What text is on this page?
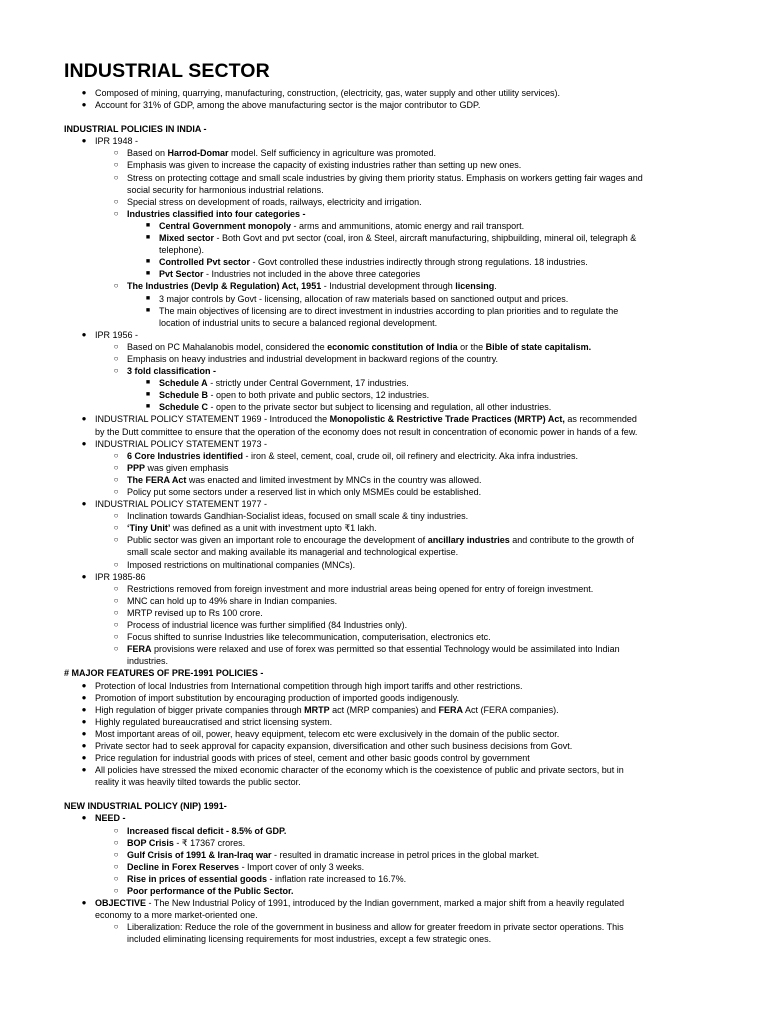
INDUSTRIAL SECTOR
● Composed of mining, quarrying, manufacturing, construction, (electricity, gas, water supply and other utility services).
● Account for 31% of GDP, among the above manufacturing sector is the major contributor to GDP.

INDUSTRIAL POLICIES IN INDIA -

● IPR 1948 -
○ Based on Harrod-Domar model. Self sufficiency in agriculture was promoted.
○ Emphasis was given to increase the capacity of existing industries rather than setting up new ones.
○ Stress on protecting cottage and small scale industries by giving them priority status. Emphasis on workers getting fair wages and social security for harmonious industrial relations.
○ Special stress on development of roads, railways, electricity and irrigation.
○ Industries classified into four categories -
■ Central Government monopoly - arms and ammunitions, atomic energy and rail transport.
■ Mixed sector - Both Govt and pvt sector (coal, iron & Steel, aircraft manufacturing, shipbuilding, mineral oil, telegraph & telephone).
■ Controlled Pvt sector - Govt controlled these industries indirectly through strong regulations. 18 industries.
■ Pvt Sector - Industries not included in the above three categories
○ The Industries (Devlp & Regulation) Act, 1951 - Industrial development through licensing.
■ 3 major controls by Govt - licensing, allocation of raw materials based on sanctioned output and prices.
■ The main objectives of licensing are to direct investment in industries according to plan priorities and to regulate the location of industrial units to secure a balanced regional development.
● IPR 1956 -
○ Based on PC Mahalanobis model, considered the economic constitution of India or the Bible of state capitalism.
○ Emphasis on heavy industries and industrial development in backward regions of the country.
○ 3 fold classification -
■ Schedule A - strictly under Central Government, 17 industries.
■ Schedule B - open to both private and public sectors, 12 industries.
■ Schedule C - open to the private sector but subject to licensing and regulation, all other industries.
● INDUSTRIAL POLICY STATEMENT 1969 - Introduced the Monopolistic & Restrictive Trade Practices (MRTP) Act, as recommended by the Dutt committee to ensure that the operation of the economy does not result in concentration of economic power in hands of a few.
● INDUSTRIAL POLICY STATEMENT 1973 -
○ 6 Core Industries identified - iron & steel, cement, coal, crude oil, oil refinery and electricity. Aka infra industries.
○ PPP was given emphasis
○ The FERA Act was enacted and limited investment by MNCs in the country was allowed.
○ Policy put some sectors under a reserved list in which only MSMEs could be established.
● INDUSTRIAL POLICY STATEMENT 1977 -
○ Inclination towards Gandhian-Socialist ideas, focused on small scale & tiny industries.
○ ‘Tiny Unit’ was defined as a unit with investment upto ₹1 lakh.
○ Public sector was given an important role to encourage the development of ancillary industries and contribute to the growth of small scale sector and making available its managerial and technological expertise.
○ Imposed restrictions on multinational companies (MNCs).
● IPR 1985-86
○ Restrictions removed from foreign investment and more industrial areas being opened for entry of foreign investment.
○ MNC can hold up to 49% share in Indian companies.
○ MRTP revised up to Rs 100 crore.
○ Process of industrial licence was further simplified (84 Industries only).
○ Focus shifted to sunrise Industries like telecommunication, computerisation, electronics etc.
○ FERA provisions were relaxed and use of forex was permitted so that essential Technology would be assimilated into Indian industries.

# MAJOR FEATURES OF PRE-1991 POLICIES -

● Protection of local Industries from International competition through high import tariffs and other restrictions.
● Promotion of import substitution by encouraging production of imported goods indigenously.
● High regulation of bigger private companies through MRTP act (MRP companies) and FERA Act (FERA companies).
● Highly regulated bureaucratised and strict licensing system.
● Most important areas of oil, power, heavy equipment, telecom etc were exclusively in the domain of the public sector.
● Private sector had to seek approval for capacity expansion, diversification and other such business decisions from Govt.
● Price regulation for industrial goods with prices of steel, cement and other basic goods control by government
● All policies have stressed the mixed economic character of the economy which is the coexistence of public and private sectors, but in reality it was heavily tilted towards the public sector.

NEW INDUSTRIAL POLICY (NIP) 1991-

● NEED -
○ Increased fiscal deficit - 8.5% of GDP.
○ BOP Crisis - ₹ 17367 crores.
○ Gulf Crisis of 1991 & Iran-Iraq war - resulted in dramatic increase in petrol prices in the global market.
○ Decline in Forex Reserves - Import cover of only 3 weeks.
○ Rise in prices of essential goods - inflation rate increased to 16.7%.
○ Poor performance of the Public Sector.
● OBJECTIVE - The New Industrial Policy of 1991, introduced by the Indian government, marked a major shift from a heavily regulated economy to a more market-oriented one.
○ Liberalization: Reduce the role of the government in business and allow for greater freedom in private sector operations. This included eliminating licensing requirements for most industries, except a few strategic ones.
